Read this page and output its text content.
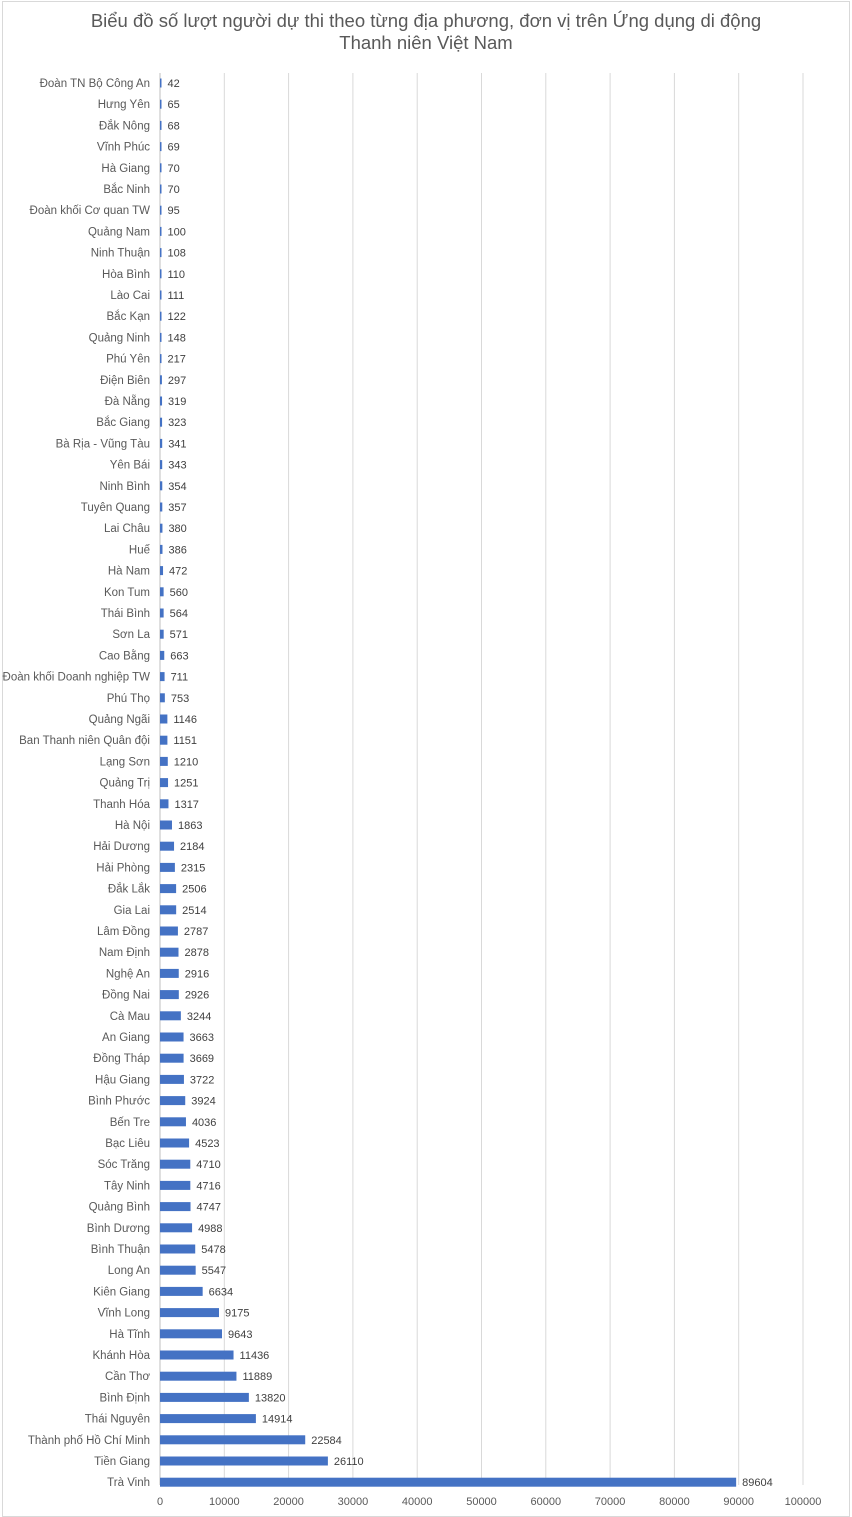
Biểu đồ số lượt người dự thi theo từng địa phương, đơn vị trên Ứng dụng di động
Thanh niên Việt Nam
0	10000	20000	30000	40000	50000	60000	70000	80000	90000	100000
Đoàn TN Bộ Công An 42
Hưng Yên 65
Đắk Nông 68
Vĩnh Phúc 69
Hà Giang 70
Bắc Ninh 70
Đoàn khối Cơ quan TW 95
Quảng Nam 100
Ninh Thuận 108
Hòa Bình 110
Lào Cai 111
Bắc Kạn 122
Quảng Ninh 148
Phú Yên 217
Điện Biên 297
Đà Nẵng 319
Bắc Giang 323
Bà Rịa - Vũng Tàu 341
Yên Bái 343
Ninh Bình 354
Tuyên Quang 357
Lai Châu 380
Huế 386
Hà Nam 472
Kon Tum 560
Thái Bình 564
Sơn La 571
Cao Bằng 663
Đoàn khối Doanh nghiệp TW 711
Phú Thọ 753
Quảng Ngãi 1146
Ban Thanh niên Quân đội 1151
Lạng Sơn 1210
Quảng Trị 1251
Thanh Hóa 1317
Hà Nội	1863
Hải Dương	2184
Hải Phòng	2315
Đắk Lắk	2506
Gia Lai	2514
Lâm Đồng	2787
Nam Định	2878
Nghệ An	2916
Đồng Nai	2926
Cà Mau	3244
An Giang	3663
Đồng Tháp	3669
Hậu Giang	3722
Bình Phước	3924
Bến Tre	4036
Bạc Liêu	4523
Sóc Trăng	4710
Tây Ninh	4716
Quảng Bình	4747
Bình Dương	4988
Bình Thuận	5478
Long An	5547
Kiên Giang	6634
Vĩnh Long	9175
Hà Tĩnh	9643
Khánh Hòa	11436
Cần Thơ	11889
Bình Định	13820
Thái Nguyên	14914
Thành phố Hồ Chí Minh	22584
Tiền Giang	26110
Trà Vinh	89604
